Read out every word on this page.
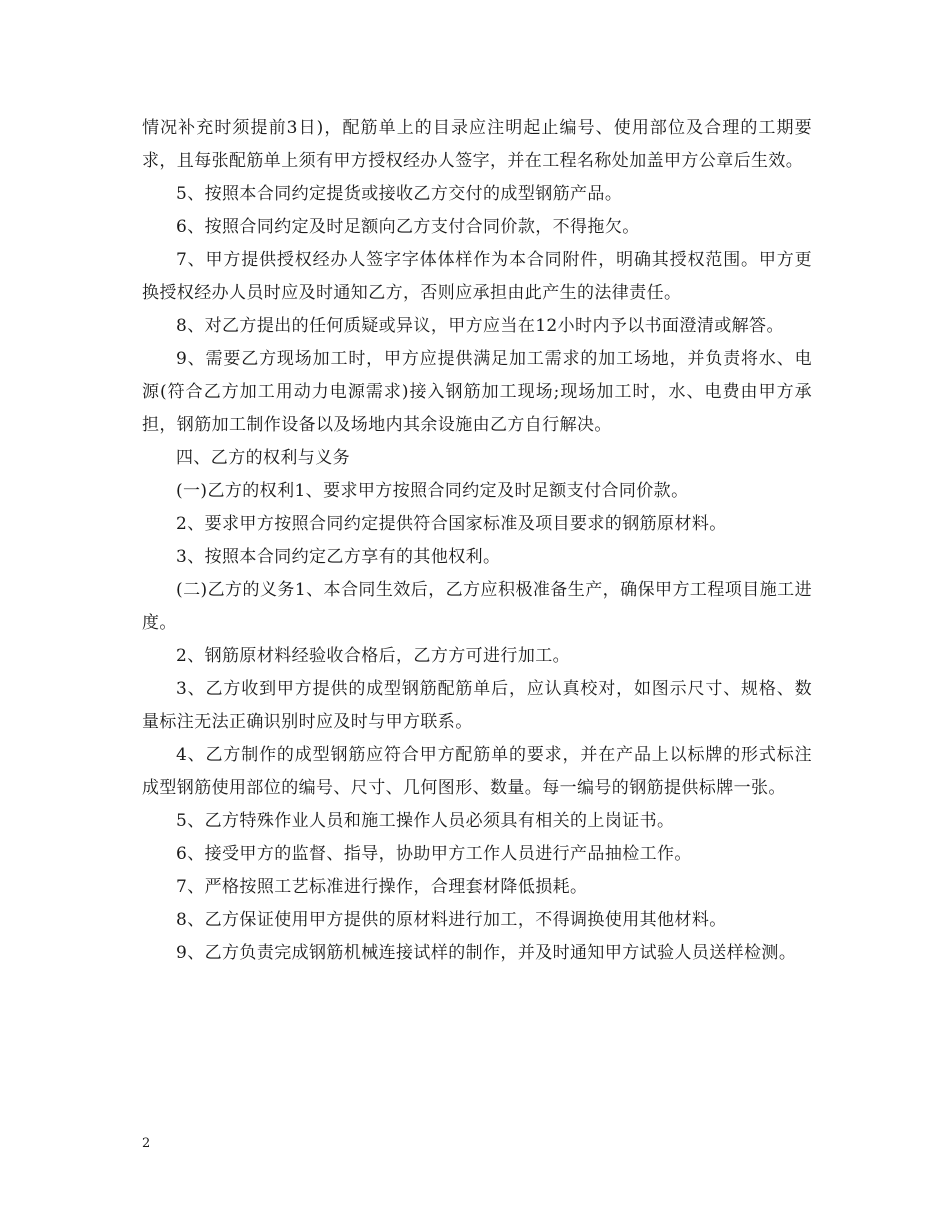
情况补充时须提前3日)，配筋单上的目录应注明起止编号、使用部位及合理的工期要求，且每张配筋单上须有甲方授权经办人签字，并在工程名称处加盖甲方公章后生效。

5、按照本合同约定提货或接收乙方交付的成型钢筋产品。

6、按照合同约定及时足额向乙方支付合同价款，不得拖欠。

7、甲方提供授权经办人签字字体体样作为本合同附件，明确其授权范围。甲方更换授权经办人员时应及时通知乙方，否则应承担由此产生的法律责任。

8、对乙方提出的任何质疑或异议，甲方应当在12小时内予以书面澄清或解答。

9、需要乙方现场加工时，甲方应提供满足加工需求的加工场地，并负责将水、电源(符合乙方加工用动力电源需求)接入钢筋加工现场;现场加工时，水、电费由甲方承担，钢筋加工制作设备以及场地内其余设施由乙方自行解决。

四、乙方的权利与义务

(一)乙方的权利1、要求甲方按照合同约定及时足额支付合同价款。

2、要求甲方按照合同约定提供符合国家标准及项目要求的钢筋原材料。

3、按照本合同约定乙方享有的其他权利。

(二)乙方的义务1、本合同生效后，乙方应积极准备生产，确保甲方工程项目施工进度。

2、钢筋原材料经验收合格后，乙方方可进行加工。

3、乙方收到甲方提供的成型钢筋配筋单后，应认真校对，如图示尺寸、规格、数量标注无法正确识别时应及时与甲方联系。

4、乙方制作的成型钢筋应符合甲方配筋单的要求，并在产品上以标牌的形式标注成型钢筋使用部位的编号、尺寸、几何图形、数量。每一编号的钢筋提供标牌一张。

5、乙方特殊作业人员和施工操作人员必须具有相关的上岗证书。

6、接受甲方的监督、指导，协助甲方工作人员进行产品抽检工作。

7、严格按照工艺标准进行操作，合理套材降低损耗。

8、乙方保证使用甲方提供的原材料进行加工，不得调换使用其他材料。

9、乙方负责完成钢筋机械连接试样的制作，并及时通知甲方试验人员送样检测。

2
